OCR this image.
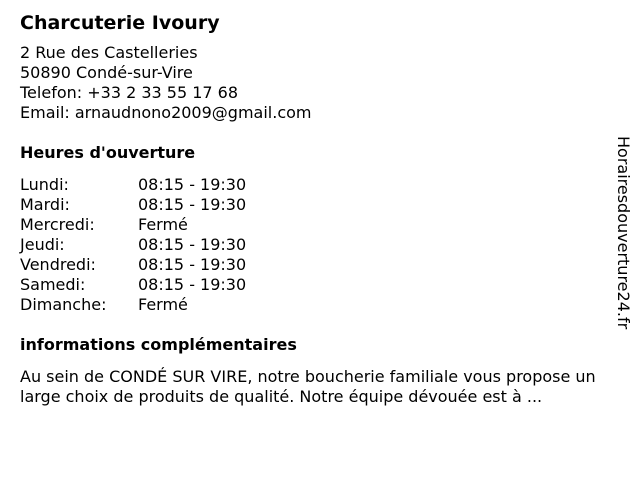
Charcuterie Ivoury
2 Rue des Castelleries
50890 Condé-sur-Vire
Telefon: +33 2 33 55 17 68
Email: arnaudnono2009@gmail.com
Heures d'ouverture
Lundi:	08:15 - 19:30
Mardi:	08:15 - 19:30
Mercredi:	Fermé
Jeudi:	08:15 - 19:30
Vendredi:	08:15 - 19:30
Samedi:	08:15 - 19:30
Dimanche:	Fermé
informations complémentaires
Au sein de CONDÉ SUR VIRE, notre boucherie familiale vous propose un large choix de produits de qualité. Notre équipe dévouée est à ...
Horairesdouverture24.fr
